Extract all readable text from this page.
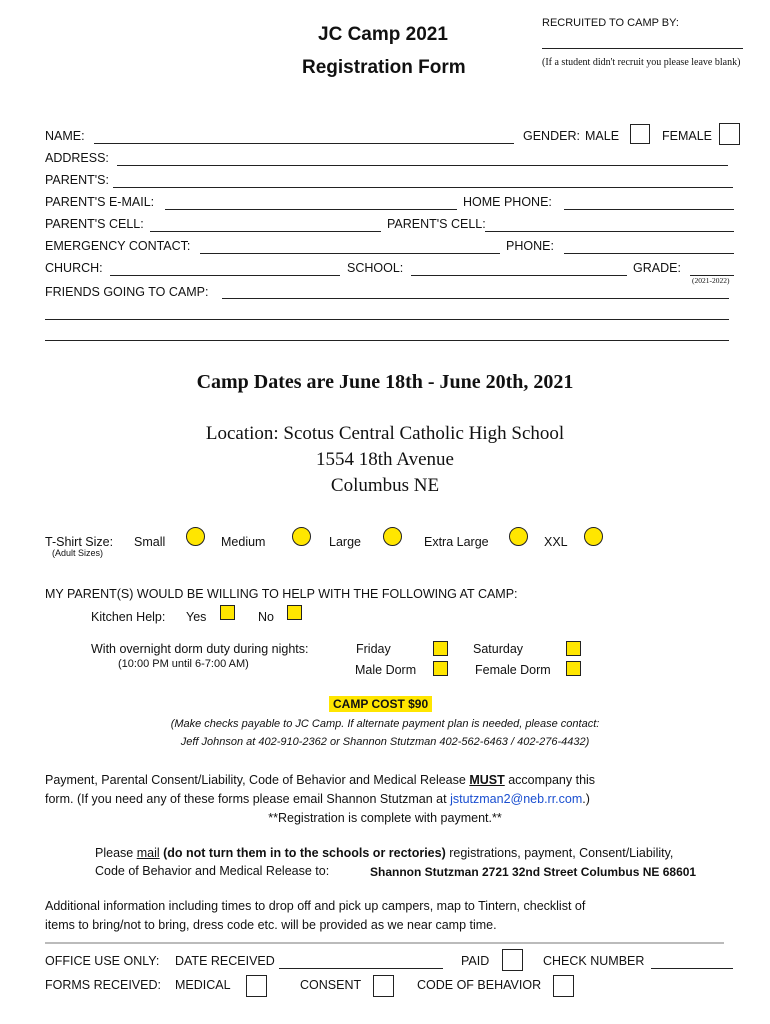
JC Camp 2021
Registration Form
RECRUITED TO CAMP BY:
(If a student didn't recruit you please leave blank)
NAME:	GENDER: MALE	FEMALE
ADDRESS:
PARENT'S:
PARENT'S E-MAIL:	HOME PHONE:
PARENT'S CELL:	PARENT'S CELL:
EMERGENCY CONTACT:	PHONE:
CHURCH:	SCHOOL:	GRADE:
(2021-2022)
FRIENDS GOING TO CAMP:
Camp Dates are June 18th - June 20th, 2021
Location: Scotus Central Catholic High School
1554 18th Avenue
Columbus NE
T-Shirt Size:
(Adult Sizes)
Small	Medium	Large	Extra Large	XXL
MY PARENT(S) WOULD BE WILLING TO HELP WITH THE FOLLOWING AT CAMP:
Kitchen Help: Yes	No
With overnight dorm duty during nights:
(10:00 PM until 6-7:00 AM)
Friday	Saturday
Male Dorm	Female Dorm
CAMP COST $90
(Make checks payable to JC Camp. If alternate payment plan is needed, please contact:
Jeff Johnson at 402-910-2362 or Shannon Stutzman 402-562-6463 / 402-276-4432)
Payment, Parental Consent/Liability, Code of Behavior and Medical Release MUST accompany this
form. (If you need any of these forms please email Shannon Stutzman at jstutzman2@neb.rr.com.)
**Registration is complete with payment.**
Please mail (do not turn them in to the schools or rectories) registrations, payment, Consent/Liability,
Code of Behavior and Medical Release to:	Shannon Stutzman 2721 32nd Street Columbus NE 68601
Additional information including times to drop off and pick up campers, map to Tintern, checklist of
items to bring/not to bring, dress code etc. will be provided as we near camp time.
OFFICE USE ONLY: DATE RECEIVED	PAID	CHECK NUMBER
FORMS RECEIVED: MEDICAL	CONSENT	CODE OF BEHAVIOR
